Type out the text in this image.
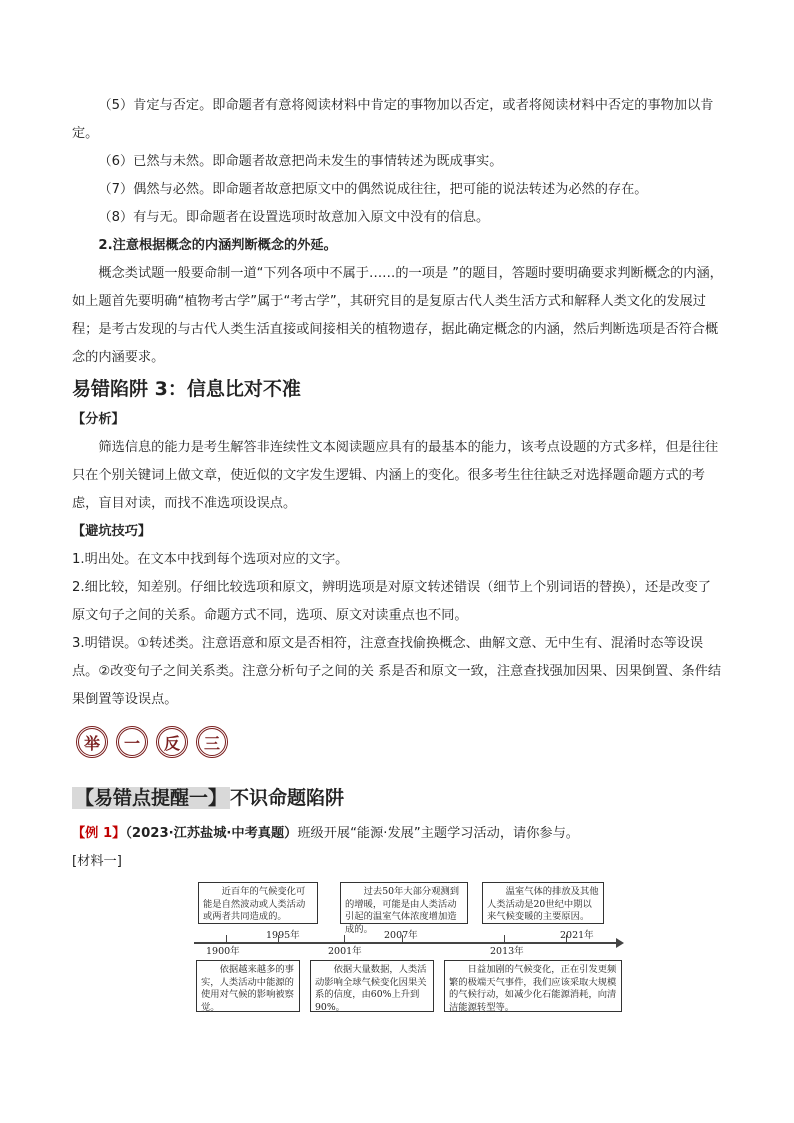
（5）肯定与否定。即命题者有意将阅读材料中肯定的事物加以否定，或者将阅读材料中否定的事物加以肯定。

（6）已然与未然。即命题者故意把尚未发生的事情转述为既成事实。

（7）偶然与必然。即命题者故意把原文中的偶然说成往往，把可能的说法转述为必然的存在。

（8）有与无。即命题者在设置选项时故意加入原文中没有的信息。

2.注意根据概念的内涵判断概念的外延。

概念类试题一般要命制一道“下列各项中不属于……的一项是 ”的题目，答题时要明确要求判断概念的内涵，如上题首先要明确“植物考古学”属于“考古学”，其研究目的是复原古代人类生活方式和解释人类文化的发展过程；是考古发现的与古代人类生活直接或间接相关的植物遗存，据此确定概念的内涵，然后判断选项是否符合概念的内涵要求。

易错陷阱 3：信息比对不准

【分析】

筛选信息的能力是考生解答非连续性文本阅读题应具有的最基本的能力，该考点设题的方式多样，但是往往只在个别关键词上做文章，使近似的文字发生逻辑、内涵上的变化。很多考生往往缺乏对选择题命题方式的考虑，盲目对读，而找不准选项设误点。

【避坑技巧】

1.明出处。在文本中找到每个选项对应的文字。

2.细比较，知差别。仔细比较选项和原文，辨明选项是对原文转述错误（细节上个别词语的替换），还是改变了原文句子之间的关系。命题方式不同，选项、原文对读重点也不同。

3.明错误。①转述类。注意语意和原文是否相符，注意查找偷换概念、曲解文意、无中生有、混淆时态等设误点。②改变句子之间关系类。注意分析句子之间的关 系是否和原文一致，注意查找强加因果、因果倒置、条件结果倒置等设误点。

举	一	反	三
【易错点提醒一】 不识命题陷阱
【例 1】（2023·江苏盐城·中考真题）班级开展“能源·发展”主题学习活动，请你参与。
[材料一]
近百年的气候变化可能是自然波动或人类活动或两者共同造成的。
过去50年大部分观测到的增暖，可能是由人类活动引起的温室气体浓度增加造成的。
温室气体的排放及其他人类活动是20世纪中期以来气候变暖的主要原因。
1900年
1995年
2001年
2007年
2013年
2021年
依据越来越多的事实，人类活动中能源的使用对气候的影响被察觉。
依据大量数据，人类活动影响全球气候变化因果关系的信度，由60%上升到90%。
日益加剧的气候变化，正在引发更频繁的极端天气事件，我们应该采取大规模的气候行动，如减少化石能源消耗，向清洁能源转型等。
